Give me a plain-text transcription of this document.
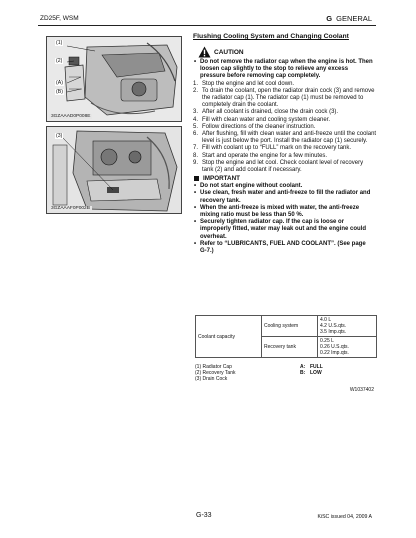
ZD25F, WSM	G GENERAL
(1)
(2)
(A)
(B)
3GZAAAD0P008E
(3)
3GZAAAF0P002B
Flushing Cooling System and Changing Coolant
CAUTION
• Do not remove the radiator cap when the engine is hot. Then
loosen cap slightly to the stop to relieve any excess
pressure before removing cap completely.
1. Stop the engine and let cool down.
2. To drain the coolant, open the radiator drain cock (3) and remove
the radiator cap (1). The radiator cap (1) must be removed to
completely drain the coolant.
3. After all coolant is drained, close the drain cock (3).
4. Fill with clean water and cooling system cleaner.
5. Follow directions of the cleaner instruction.
6. After flushing, fill with clean water and anti-freeze until the coolant
level is just below the port. Install the radiator cap (1) securely.
7. Fill with coolant up to “FULL” mark on the recovery tank.
8. Start and operate the engine for a few minutes.
9. Stop the engine and let cool. Check coolant level of recovery
tank (2) and add coolant if necessary.
IMPORTANT
• Do not start engine without coolant.
• Use clean, fresh water and anti-freeze to fill the radiator and
recovery tank.
• When the anti-freeze is mixed with water, the anti-freeze
mixing ratio must be less than 50 %.
• Securely tighten radiator cap. If the cap is loose or
improperly fitted, water may leak out and the engine could
overheat.
• Refer to “LUBRICANTS, FUEL AND COOLANT”. (See page
G-7.)
Coolant capacity	Cooling system	4.0 L
4.2 U.S.qts.
3.5 Imp.qts.

	Recovery tank	0.25 L
0.26 U.S.qts.
0.22 Imp.qts.
(1) Radiator Cap
(2) Recovery Tank
(3) Drain Cock
A: FULL
B: LOW
W1037402
G-33	KiSC issued 04, 2009 A
